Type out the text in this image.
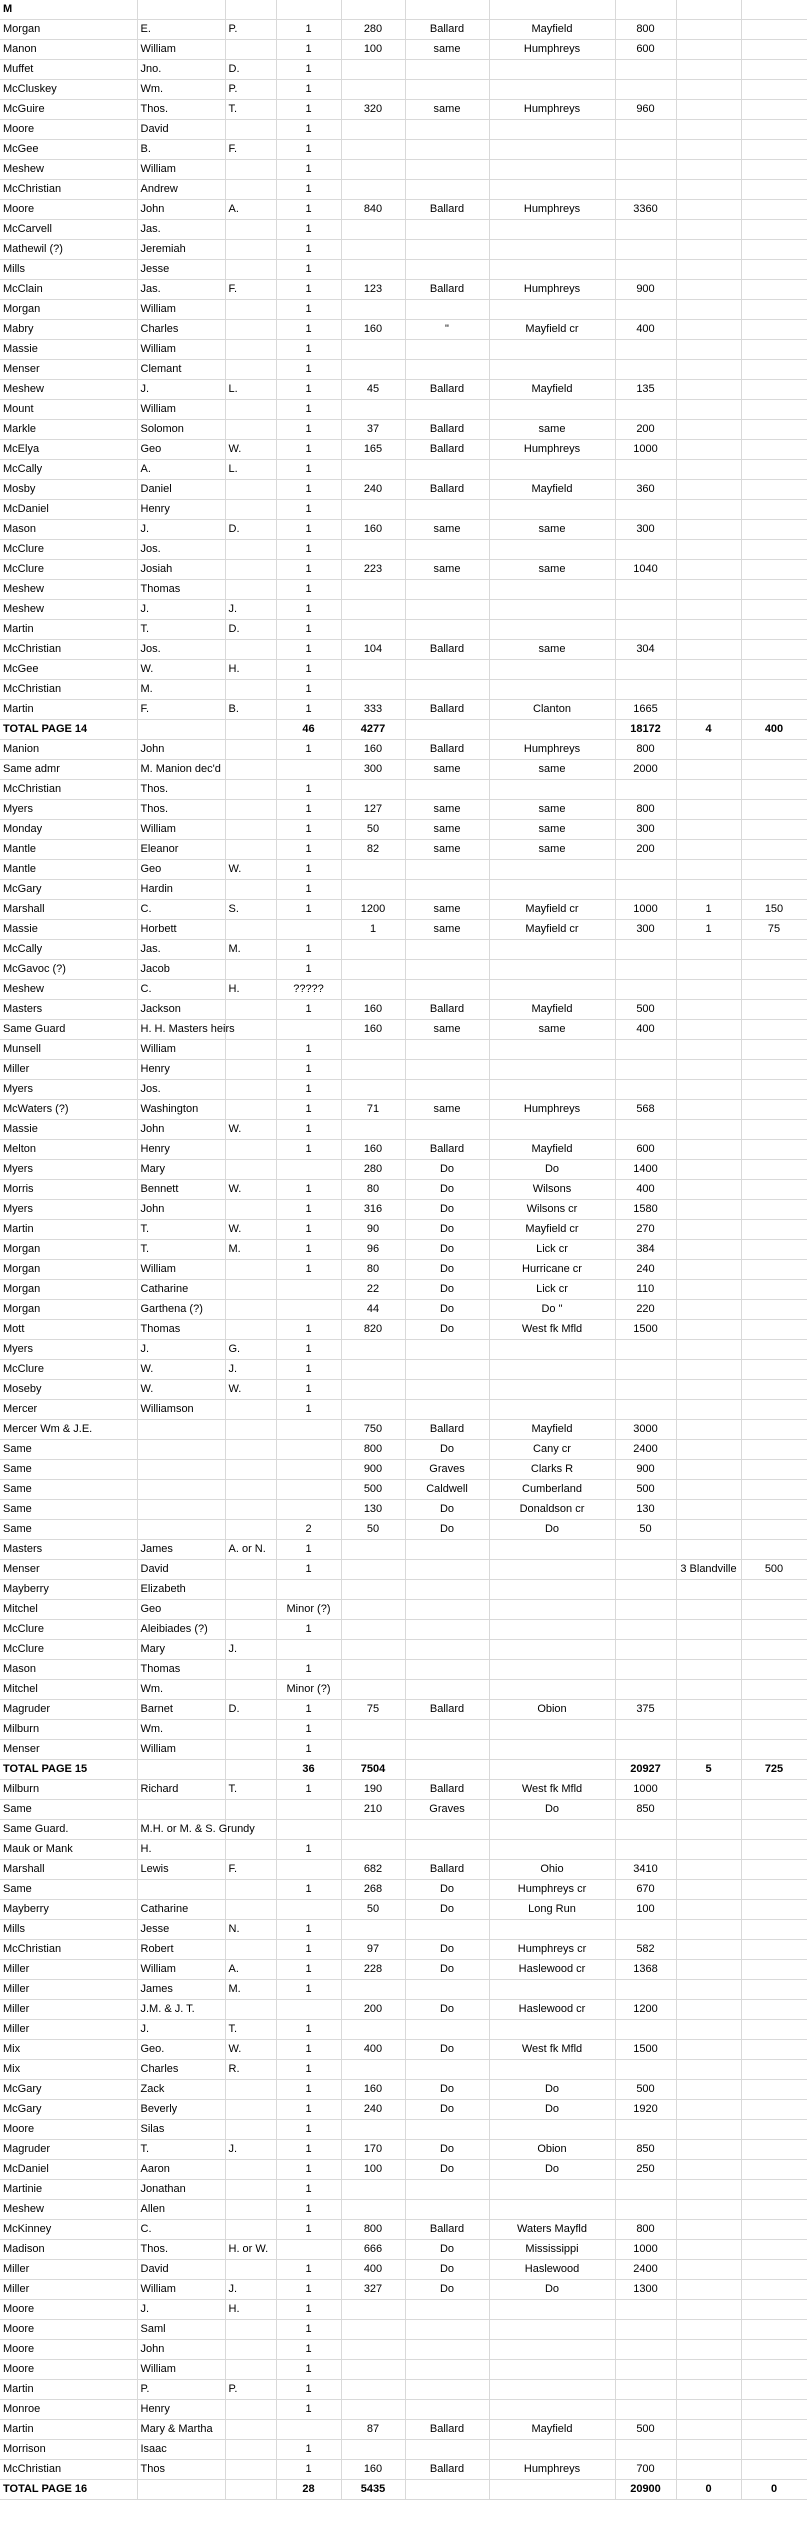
M									
Morgan	E.	P.	1	280	Ballard	Mayfield	800		
Manon	William		1	100	same	Humphreys	600		
Muffet	Jno.	D.	1						
McCluskey	Wm.	P.	1						
McGuire	Thos.	T.	1	320	same	Humphreys	960		
Moore	David		1						
McGee	B.	F.	1						
Meshew	William		1						
McChristian	Andrew		1						
Moore	John	A.	1	840	Ballard	Humphreys	3360		
McCarvell	Jas.		1						
Mathewil (?)	Jeremiah		1						
Mills	Jesse		1						
McClain	Jas.	F.	1	123	Ballard	Humphreys	900		
Morgan	William		1						
Mabry	Charles		1	160	"	Mayfield cr	400		
Massie	William		1						
Menser	Clemant		1						
Meshew	J.	L.	1	45	Ballard	Mayfield	135		
Mount	William		1						
Markle	Solomon		1	37	Ballard	same	200		
McElya	Geo	W.	1	165	Ballard	Humphreys	1000		
McCally	A.	L.	1						
Mosby	Daniel		1	240	Ballard	Mayfield	360		
McDaniel	Henry		1						
Mason	J.	D.	1	160	same	same	300		
McClure	Jos.		1						
McClure	Josiah		1	223	same	same	1040		
Meshew	Thomas		1						
Meshew	J.	J.	1						
Martin	T.	D.	1						
McChristian	Jos.		1	104	Ballard	same	304		
McGee	W.	H.	1						
McChristian	M.		1						
Martin	F.	B.	1	333	Ballard	Clanton	1665		
TOTAL PAGE 14			46	4277			18172	4	400
Manion	John		1	160	Ballard	Humphreys	800		
Same admr	M. Manion dec'd			300	same	same	2000		
McChristian	Thos.		1						
Myers	Thos.		1	127	same	same	800		
Monday	William		1	50	same	same	300		
Mantle	Eleanor		1	82	same	same	200		
Mantle	Geo	W.	1						
McGary	Hardin		1						
Marshall	C.	S.	1	1200	same	Mayfield cr	1000	1	150
Massie	Horbett			1	same	Mayfield cr	300	1	75
McCally	Jas.	M.	1						
McGavoc (?)	Jacob		1						
Meshew	C.	H.	?????						
Masters	Jackson		1	160	Ballard	Mayfield	500		
Same Guard	H. H. Masters heirs			160	same	same	400		
Munsell	William		1						
Miller	Henry		1						
Myers	Jos.		1						
McWaters (?)	Washington		1	71	same	Humphreys	568		
Massie	John	W.	1						
Melton	Henry		1	160	Ballard	Mayfield	600		
Myers	Mary			280	Do	Do	1400		
Morris	Bennett	W.	1	80	Do	Wilsons	400		
Myers	John		1	316	Do	Wilsons cr	1580		
Martin	T.	W.	1	90	Do	Mayfield cr	270		
Morgan	T.	M.	1	96	Do	Lick cr	384		
Morgan	William		1	80	Do	Hurricane cr	240		
Morgan	Catharine			22	Do	Lick cr	110		
Morgan	Garthena (?)			44	Do	Do "	220		
Mott	Thomas		1	820	Do	West fk Mfld	1500		
Myers	J.	G.	1						
McClure	W.	J.	1						
Moseby	W.	W.	1						
Mercer	Williamson		1						
Mercer Wm & J.E.				750	Ballard	Mayfield	3000		
Same				800	Do	Cany cr	2400		
Same				900	Graves	Clarks R	900		
Same				500	Caldwell	Cumberland	500		
Same				130	Do	Donaldson cr	130		
Same			2	50	Do	Do	50		
Masters	James	A. or N.	1						
Menser	David		1					3 Blandville	500
Mayberry	Elizabeth								
Mitchel	Geo		Minor (?)						
McClure	Aleibiades (?)		1						
McClure	Mary	J.							
Mason	Thomas		1						
Mitchel	Wm.		Minor (?)						
Magruder	Barnet	D.	1	75	Ballard	Obion	375		
Milburn	Wm.		1						
Menser	William		1						
TOTAL PAGE 15			36	7504			20927	5	725
Milburn	Richard	T.	1	190	Ballard	West fk Mfld	1000		
Same				210	Graves	Do	850		
Same Guard.	M.H. or M. & S. Grundy								
Mauk or Mank	H.		1						
Marshall	Lewis	F.		682	Ballard	Ohio	3410		
Same			1	268	Do	Humphreys cr	670		
Mayberry	Catharine			50	Do	Long Run	100		
Mills	Jesse	N.	1						
McChristian	Robert		1	97	Do	Humphreys cr	582		
Miller	William	A.	1	228	Do	Haslewood cr	1368		
Miller	James	M.	1						
Miller	J.M. & J. T.			200	Do	Haslewood cr	1200		
Miller	J.	T.	1						
Mix	Geo.	W.	1	400	Do	West fk Mfld	1500		
Mix	Charles	R.	1						
McGary	Zack		1	160	Do	Do	500		
McGary	Beverly		1	240	Do	Do	1920		
Moore	Silas		1						
Magruder	T.	J.	1	170	Do	Obion	850		
McDaniel	Aaron		1	100	Do	Do	250		
Martinie	Jonathan		1						
Meshew	Allen		1						
McKinney	C.		1	800	Ballard	Waters Mayfld	800		
Madison	Thos.	H. or W.		666	Do	Mississippi	1000		
Miller	David		1	400	Do	Haslewood	2400		
Miller	William	J.	1	327	Do	Do	1300		
Moore	J.	H.	1						
Moore	Saml		1						
Moore	John		1						
Moore	William		1						
Martin	P.	P.	1						
Monroe	Henry		1						
Martin	Mary & Martha			87	Ballard	Mayfield	500		
Morrison	Isaac		1						
McChristian	Thos		1	160	Ballard	Humphreys	700		
TOTAL PAGE 16			28	5435			20900	0	0
